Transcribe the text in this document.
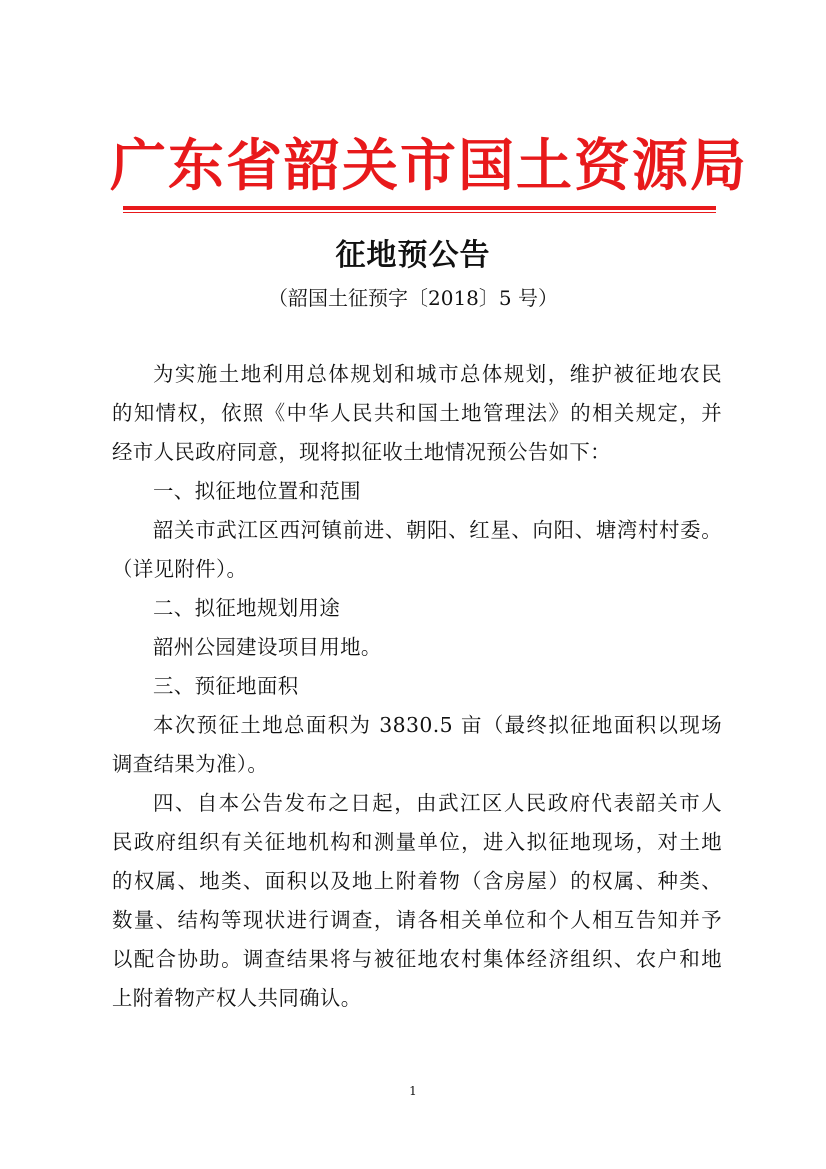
广东省韶关市国土资源局
征地预公告
（韶国土征预字〔2018〕5 号）

为实施土地利用总体规划和城市总体规划，维护被征地农民

的知情权，依照《中华人民共和国土地管理法》的相关规定，并

经市人民政府同意，现将拟征收土地情况预公告如下：

一、拟征地位置和范围

韶关市武江区西河镇前进、朝阳、红星、向阳、塘湾村村委。

（详见附件）。

二、拟征地规划用途

韶州公园建设项目用地。

三、预征地面积

本次预征土地总面积为 3830.5 亩（最终拟征地面积以现场

调查结果为准）。

四、自本公告发布之日起，由武江区人民政府代表韶关市人

民政府组织有关征地机构和测量单位，进入拟征地现场，对土地

的权属、地类、面积以及地上附着物（含房屋）的权属、种类、

数量、结构等现状进行调查，请各相关单位和个人相互告知并予

以配合协助。调查结果将与被征地农村集体经济组织、农户和地

上附着物产权人共同确认。

1
